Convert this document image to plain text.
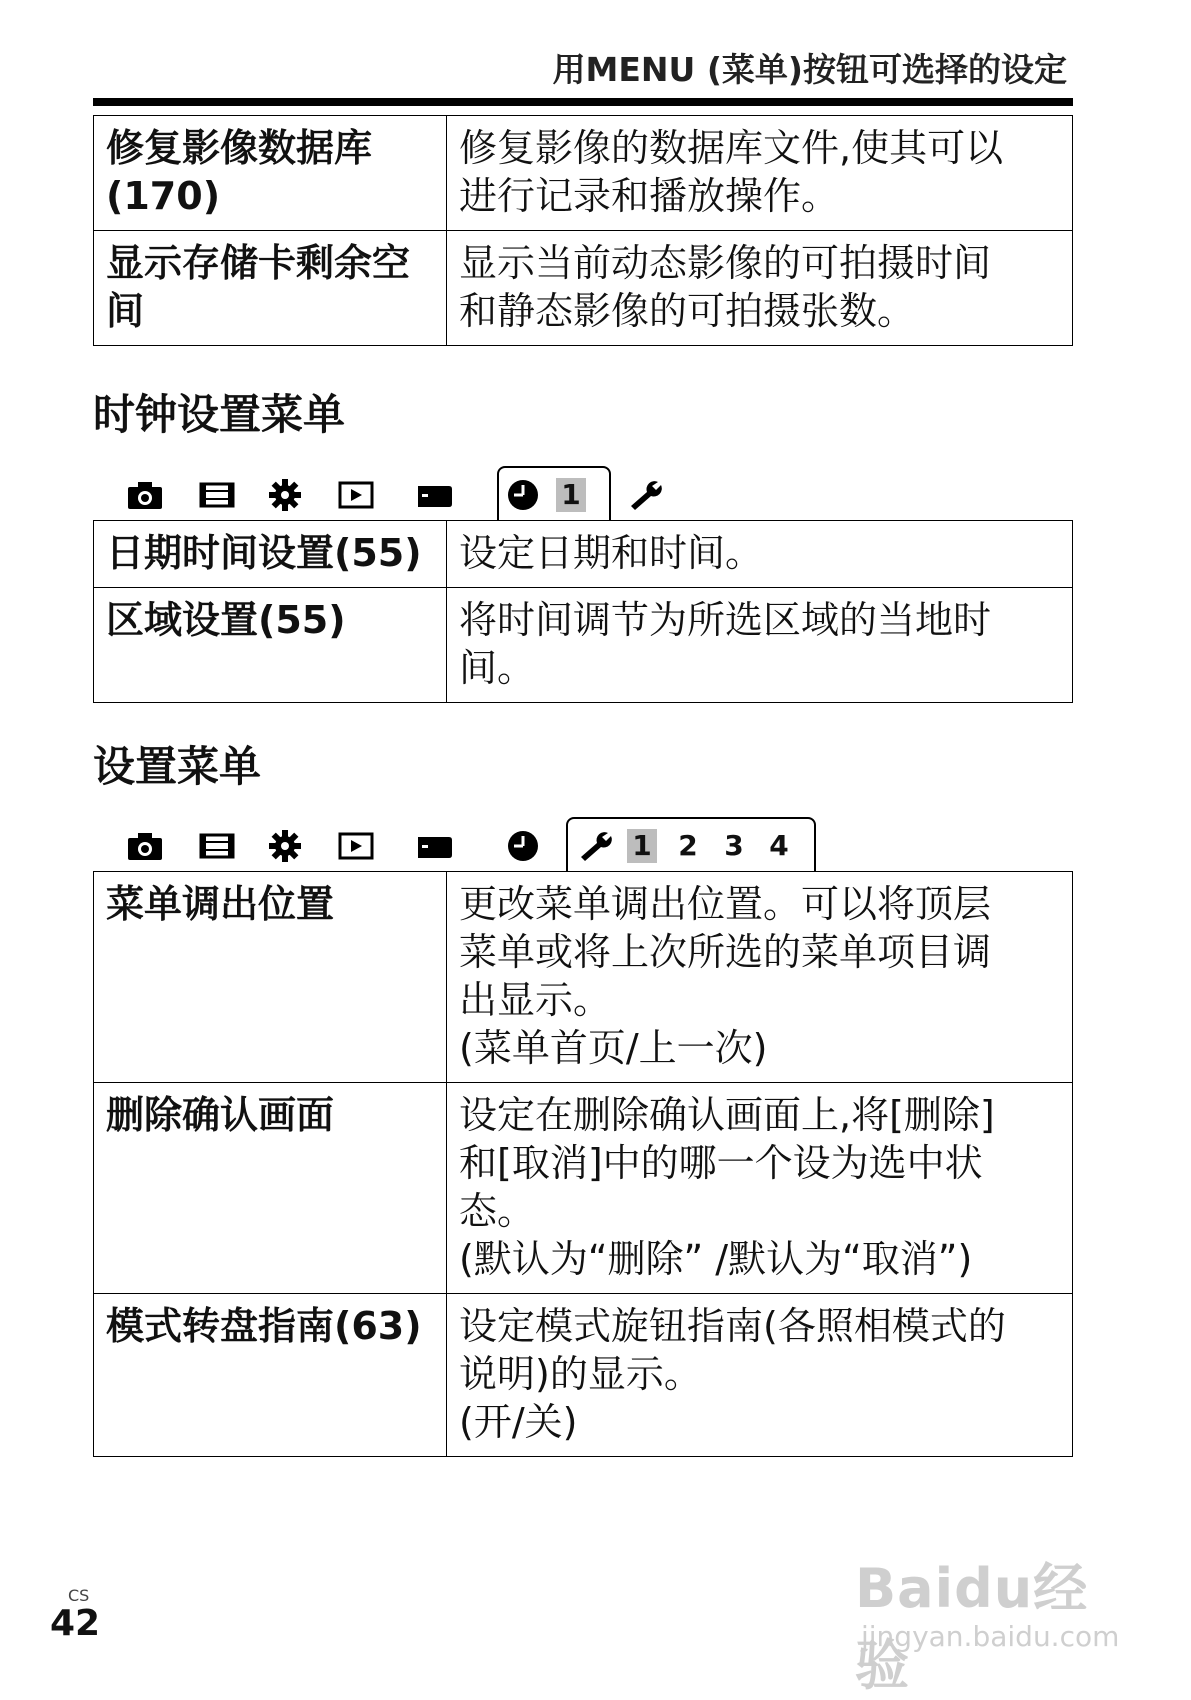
用MENU (菜单)按钮可选择的设定
修复影像数据库
(170)	修复影像的数据库文件,使其可以
进行记录和播放操作。
显示存储卡剩余空间	显示当前动态影像的可拍摄时间
和静态影像的可拍摄张数。
时钟设置菜单
1
日期时间设置(55)	设定日期和时间。
区域设置(55)	将时间调节为所选区域的当地时
间。
设置菜单
1 2 3 4
菜单调出位置	更改菜单调出位置。可以将顶层
菜单或将上次所选的菜单项目调
出显示。
(菜单首页/上一次)
删除确认画面	设定在删除确认画面上,将[删除]
和[取消]中的哪一个设为选中状
态。
(默认为“删除” /默认为“取消”)
模式转盘指南(63)	设定模式旋钮指南(各照相模式的
说明)的显示。
(开/关)
CS
42
Baidu经验
jingyan.baidu.com
